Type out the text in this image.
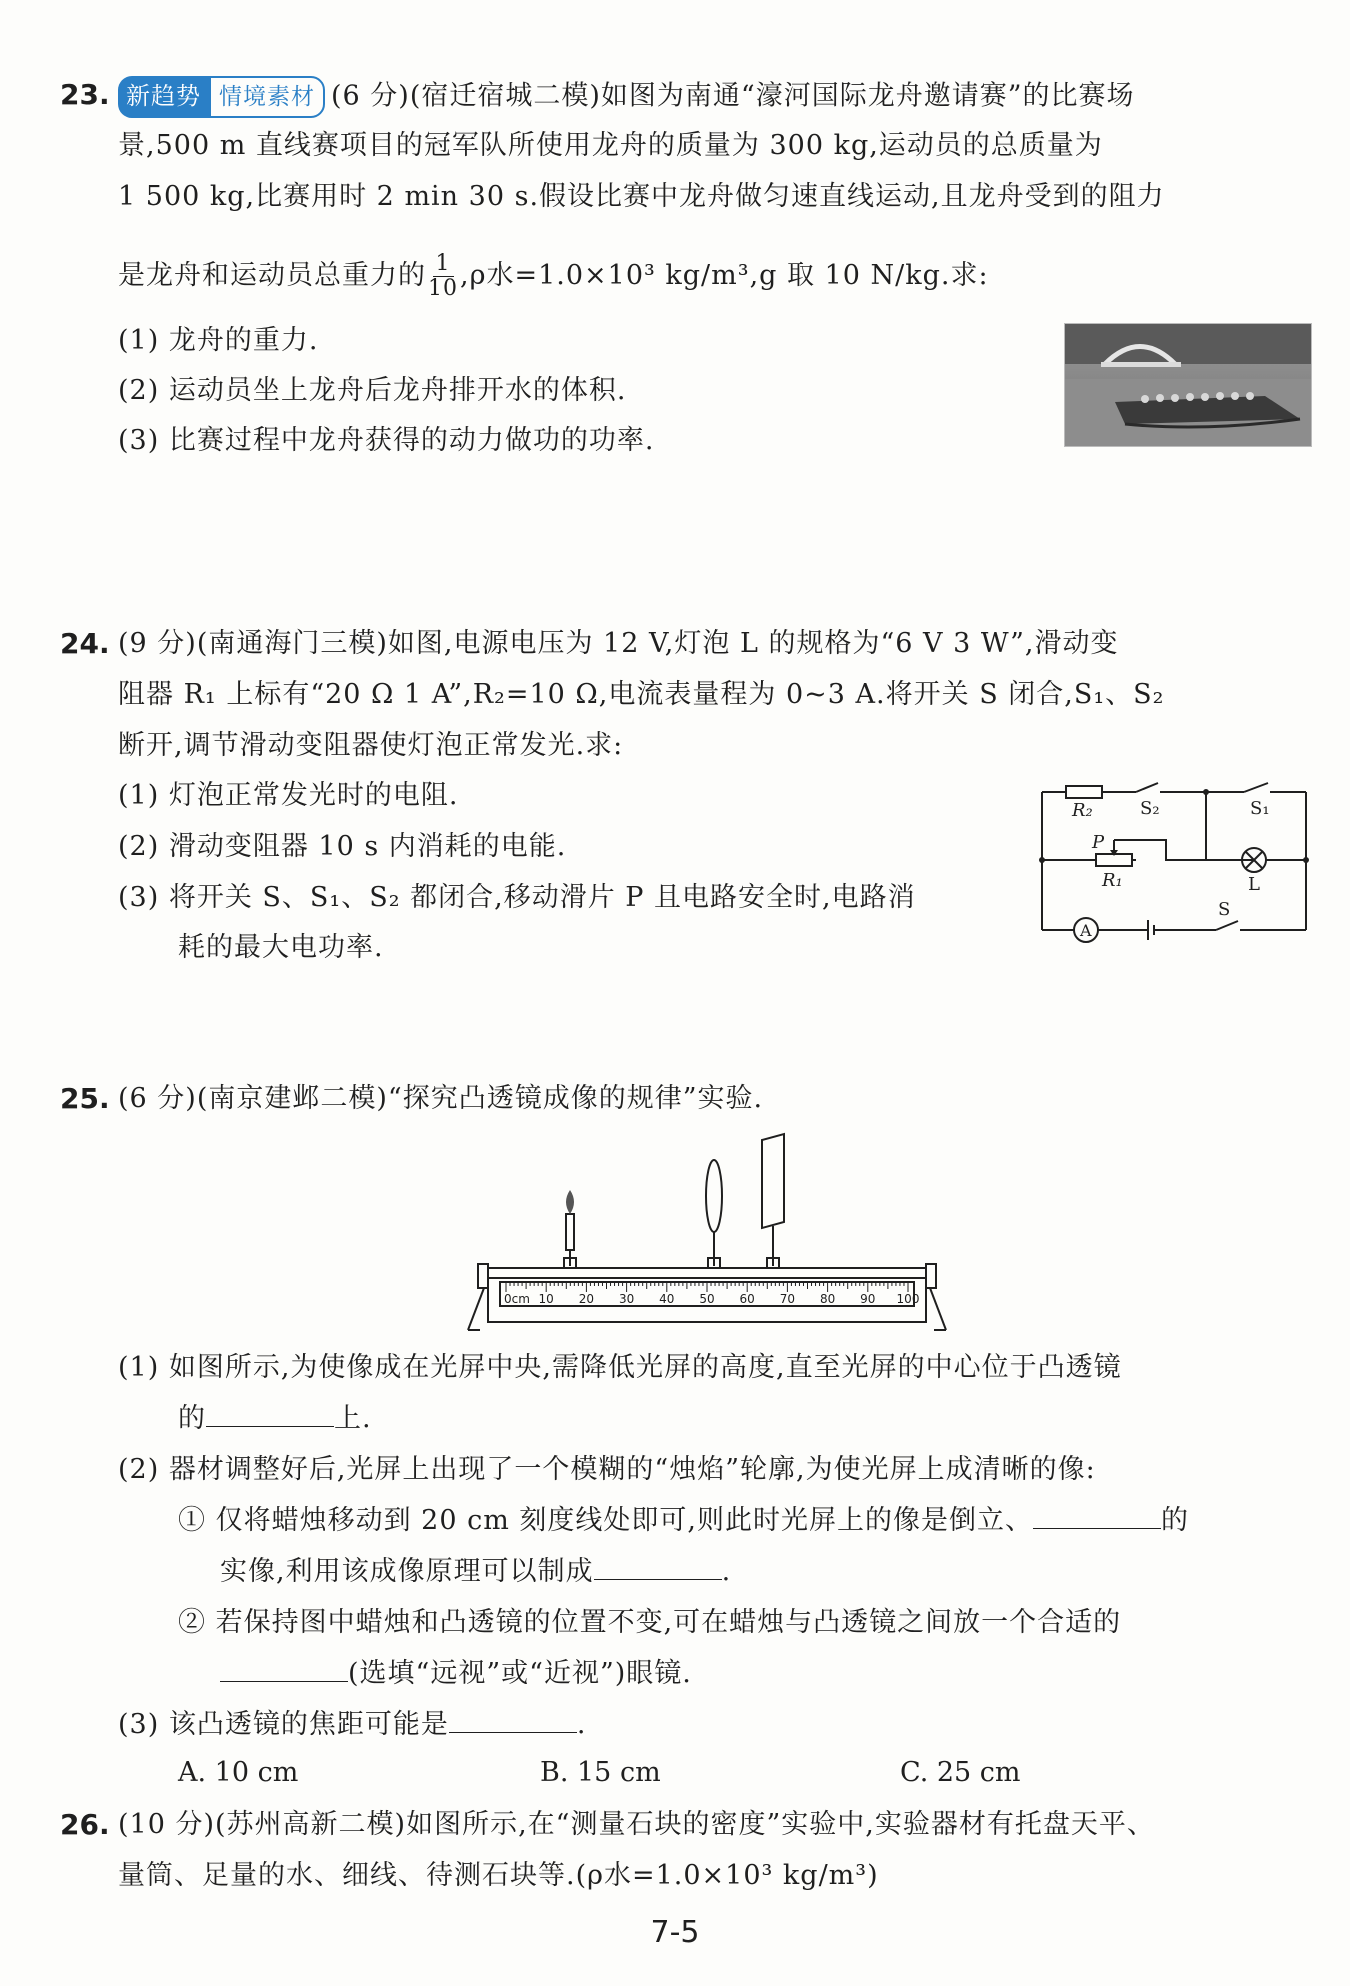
23. 新趋势 情境素材 (6 分)(宿迁宿城二模)如图为南通“濠河国际龙舟邀请赛”的比赛场
景,500 m 直线赛项目的冠军队所使用龙舟的质量为 300 kg,运动员的总质量为
1 500 kg,比赛用时 2 min 30 s.假设比赛中龙舟做匀速直线运动,且龙舟受到的阻力
是龙舟和运动员总重力的 $\frac{1}{10} ,\rho$水=1.0×10³ kg/m³,g 取 10 N/kg.求:
(1) 龙舟的重力.
(2) 运动员坐上龙舟后龙舟排开水的体积.
(3) 比赛过程中龙舟获得的动力做功的功率.
24. (9 分)(南通海门三模)如图,电源电压为 12 V,灯泡 L 的规格为“6 V 3 W”,滑动变
阻器 R₁ 上标有“20 Ω 1 A”,R₂=10 Ω,电流表量程为 0~3 A.将开关 S 闭合,S₁、S₂
断开,调节滑动变阻器使灯泡正常发光.求:
(1) 灯泡正常发光时的电阻.
(2) 滑动变阻器 10 s 内消耗的电能.
(3) 将开关 S、S₁、S₂ 都闭合,移动滑片 P 且电路安全时,电路消
耗的最大电功率.
R₂	S₂	S₁
P
R₁	L
S
A
25. (6 分)(南京建邺二模)“探究凸透镜成像的规律”实验.
0cm 10 20 30 40 50 60 70 80 90 100
(1) 如图所示,为使像成在光屏中央,需降低光屏的高度,直至光屏的中心位于凸透镜
的	上.
(2) 器材调整好后,光屏上出现了一个模糊的“烛焰”轮廓,为使光屏上成清晰的像:
① 仅将蜡烛移动到 20 cm 刻度线处即可,则此时光屏上的像是倒立、	的
实像,利用该成像原理可以制成	.
② 若保持图中蜡烛和凸透镜的位置不变,可在蜡烛与凸透镜之间放一个合适的
(选填“远视”或“近视”)眼镜.
(3) 该凸透镜的焦距可能是	.
A. 10 cm	B. 15 cm	C. 25 cm
26. (10 分)(苏州高新二模)如图所示,在“测量石块的密度”实验中,实验器材有托盘天平、
量筒、足量的水、细线、待测石块等.(ρ水=1.0×10³ kg/m³)
7-5
